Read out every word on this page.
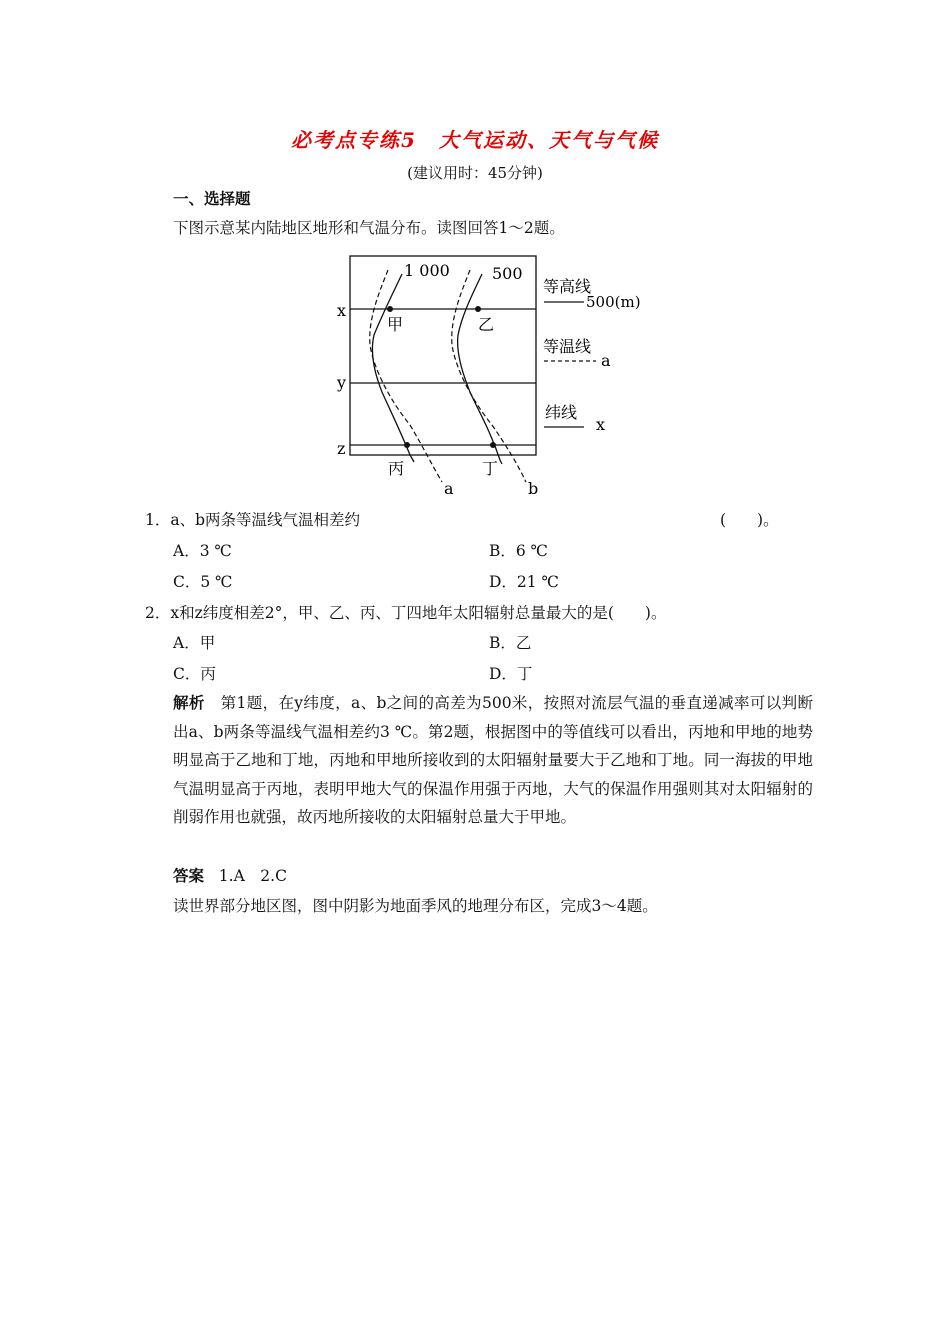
必考点专练5　大气运动、天气与气候
(建议用时：45分钟)
一、选择题
下图示意某内陆地区地形和气温分布。读图回答1～2题。
1 000	500
甲	乙
丙	丁
x
y
z
a	b
等高线
500(m)
等温线
a
纬线
x
1．a、b两条等温线气温相差约	(　　)。
A．3 ℃	B．6 ℃
C．5 ℃	D．21 ℃
2．x和z纬度相差2°，甲、乙、丙、丁四地年太阳辐射总量最大的是(　　)。
A．甲	B．乙
C．丙	D．丁
解析 第1题，在y纬度，a、b之间的高差为500米，按照对流层气温的垂直递减率可以判断出a、b两条等温线气温相差约3 ℃。第2题，根据图中的等值线可以看出，丙地和甲地的地势明显高于乙地和丁地，丙地和甲地所接收到的太阳辐射量要大于乙地和丁地。同一海拔的甲地气温明显高于丙地，表明甲地大气的保温作用强于丙地，大气的保温作用强则其对太阳辐射的削弱作用也就强，故丙地所接收的太阳辐射总量大于甲地。
答案 1.A　2.C
读世界部分地区图，图中阴影为地面季风的地理分布区，完成3～4题。
